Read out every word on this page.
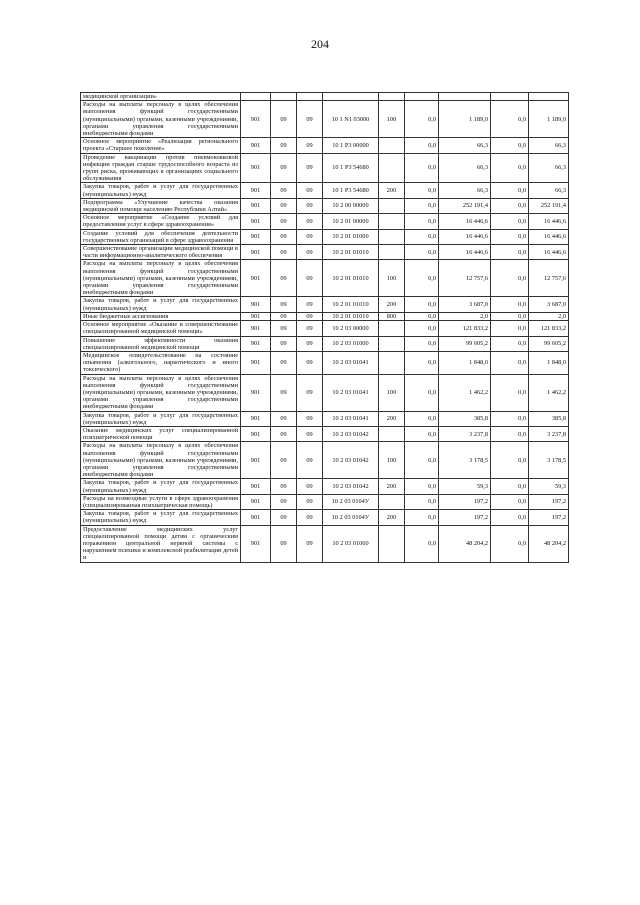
204
медицинской организации»									
Расходы на выплаты персоналу в целях обеспечения выполнения функций государственными (муниципальными) органами, казенными учреждениями, органами управления государственными внебюджетными фондами	901	09	09	10 1 N1 03000	100	0,0	1 189,0	0,0	1 189,0
Основное мероприятие «Реализация регионального проекта «Старшее поколение»	901	09	09	10 1 P3 00000		0,0	66,3	0,0	66,3
Проведение вакцинации против пневмококковой инфекции граждан старше трудоспособного возраста из групп риска, проживающих в организациях социального обслуживания	901	09	09	10 1 P3 54680		0,0	66,3	0,0	66,3
Закупка товаров, работ и услуг для государственных (муниципальных) нужд	901	09	09	10 1 P3 54680	200	0,0	66,3	0,0	66,3
Подпрограмма «Улучшение качества оказания медицинской помощи населению Республики Алтай»	901	09	09	10 2 00 00000		0,0	252 191,4	0,0	252 191,4
Основное мероприятие «Создание условий для предоставления услуг в сфере здравоохранения»	901	09	09	10 2 01 00000		0,0	16 446,6	0,0	16 446,6
Создание условий для обеспечения деятельности государственных организаций в сфере здравоохранения	901	09	09	10 2 01 01000		0,0	16 446,6	0,0	16 446,6
Совершенствование организации медицинской помощи в части информационно-аналитического обеспечения	901	09	09	10 2 01 01010		0,0	16 446,6	0,0	16 446,6
Расходы на выплаты персоналу в целях обеспечения выполнения функций государственными (муниципальными) органами, казенными учреждениями, органами управления государственными внебюджетными фондами	901	09	09	10 2 01 01010	100	0,0	12 757,6	0,0	12 757,6
Закупка товаров, работ и услуг для государственных (муниципальных) нужд	901	09	09	10 2 01 01010	200	0,0	3 687,0	0,0	3 687,0
Иные бюджетные ассигнования	901	09	09	10 2 01 01010	800	0,0	2,0	0,0	2,0
Основное мероприятие «Оказание и совершенствование специализированной медицинской помощи»	901	09	09	10 2 03 00000		0,0	121 833,2	0,0	121 833,2
Повышение эффективности оказания специализированной медицинской помощи	901	09	09	10 2 03 01000		0,0	99 605,2	0,0	99 605,2
Медицинское освидетельствование на состояние опьянения (алкогольного, наркотического и иного токсического)	901	09	09	10 2 03 01041		0,0	1 848,0	0,0	1 848,0
Расходы на выплаты персоналу в целях обеспечения выполнения функций государственными (муниципальными) органами, казенными учреждениями, органами управления государственными внебюджетными фондами	901	09	09	10 2 03 01041	100	0,0	1 462,2	0,0	1 462,2
Закупка товаров, работ и услуг для государственных (муниципальных) нужд	901	09	09	10 2 03 01041	200	0,0	385,8	0,0	385,8
Оказание медицинских услуг специализированной психиатрической помощи	901	09	09	10 2 03 01042		0,0	3 237,8	0,0	3 237,8
Расходы на выплаты персоналу в целях обеспечения выполнения функций государственными (муниципальными) органами, казенными учреждениями, органами управления государственными внебюджетными фондами	901	09	09	10 2 03 01042	100	0,0	3 178,5	0,0	3 178,5
Закупка товаров, работ и услуг для государственных (муниципальных) нужд	901	09	09	10 2 03 01042	200	0,0	59,3	0,0	59,3
Расходы на возмездные услуги в сфере здравоохранения (специализированная психиатрическая помощь)	901	09	09	10 2 03 0104У		0,0	197,2	0,0	197,2
Закупка товаров, работ и услуг для государственных (муниципальных) нужд	901	09	09	10 2 03 0104У	200	0,0	197,2	0,0	197,2
Предоставление медицинских услуг специализированной помощи детям с органическим поражением центральной нервной системы с нарушением психики и комплексной реабилитации детей и	901	09	09	10 2 03 01060		0,0	48 204,2	0,0	48 204,2
